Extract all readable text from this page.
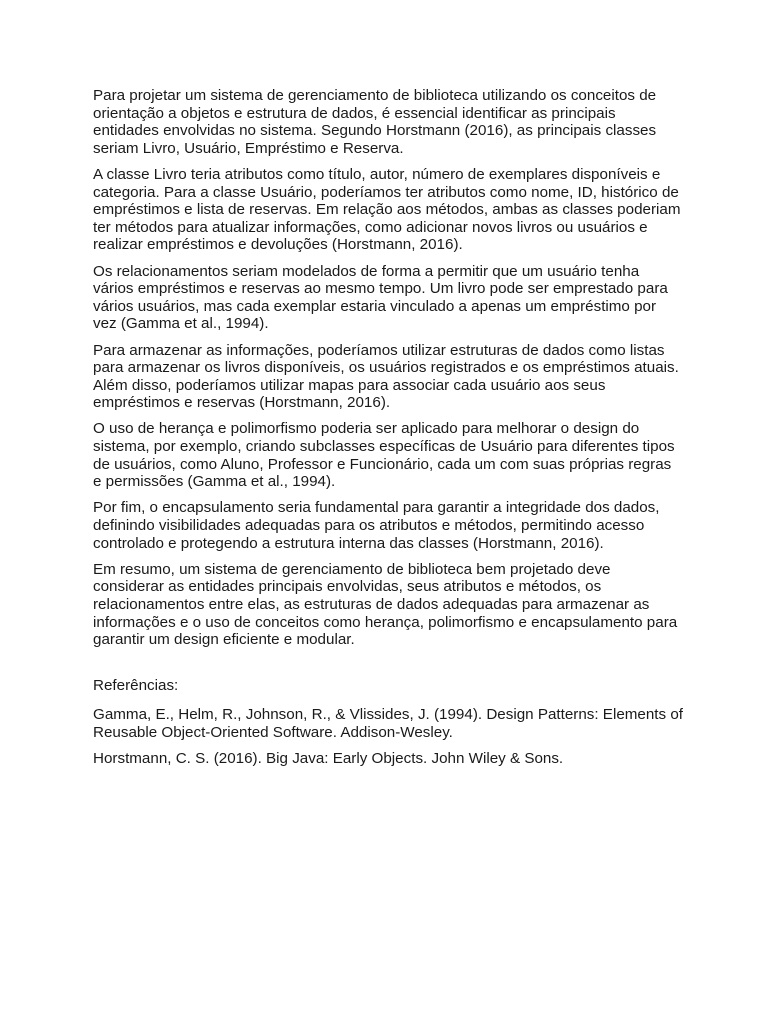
Para projetar um sistema de gerenciamento de biblioteca utilizando os conceitos de orientação a objetos e estrutura de dados, é essencial identificar as principais entidades envolvidas no sistema. Segundo Horstmann (2016), as principais classes seriam Livro, Usuário, Empréstimo e Reserva.

A classe Livro teria atributos como título, autor, número de exemplares disponíveis e categoria. Para a classe Usuário, poderíamos ter atributos como nome, ID, histórico de empréstimos e lista de reservas. Em relação aos métodos, ambas as classes poderiam ter métodos para atualizar informações, como adicionar novos livros ou usuários e realizar empréstimos e devoluções (Horstmann, 2016).

Os relacionamentos seriam modelados de forma a permitir que um usuário tenha vários empréstimos e reservas ao mesmo tempo. Um livro pode ser emprestado para vários usuários, mas cada exemplar estaria vinculado a apenas um empréstimo por vez (Gamma et al., 1994).

Para armazenar as informações, poderíamos utilizar estruturas de dados como listas para armazenar os livros disponíveis, os usuários registrados e os empréstimos atuais. Além disso, poderíamos utilizar mapas para associar cada usuário aos seus empréstimos e reservas (Horstmann, 2016).

O uso de herança e polimorfismo poderia ser aplicado para melhorar o design do sistema, por exemplo, criando subclasses específicas de Usuário para diferentes tipos de usuários, como Aluno, Professor e Funcionário, cada um com suas próprias regras e permissões (Gamma et al., 1994).

Por fim, o encapsulamento seria fundamental para garantir a integridade dos dados, definindo visibilidades adequadas para os atributos e métodos, permitindo acesso controlado e protegendo a estrutura interna das classes (Horstmann, 2016).

Em resumo, um sistema de gerenciamento de biblioteca bem projetado deve considerar as entidades principais envolvidas, seus atributos e métodos, os relacionamentos entre elas, as estruturas de dados adequadas para armazenar as informações e o uso de conceitos como herança, polimorfismo e encapsulamento para garantir um design eficiente e modular.

Referências:

Gamma, E., Helm, R., Johnson, R., & Vlissides, J. (1994). Design Patterns: Elements of Reusable Object-Oriented Software. Addison-Wesley.

Horstmann, C. S. (2016). Big Java: Early Objects. John Wiley & Sons.
